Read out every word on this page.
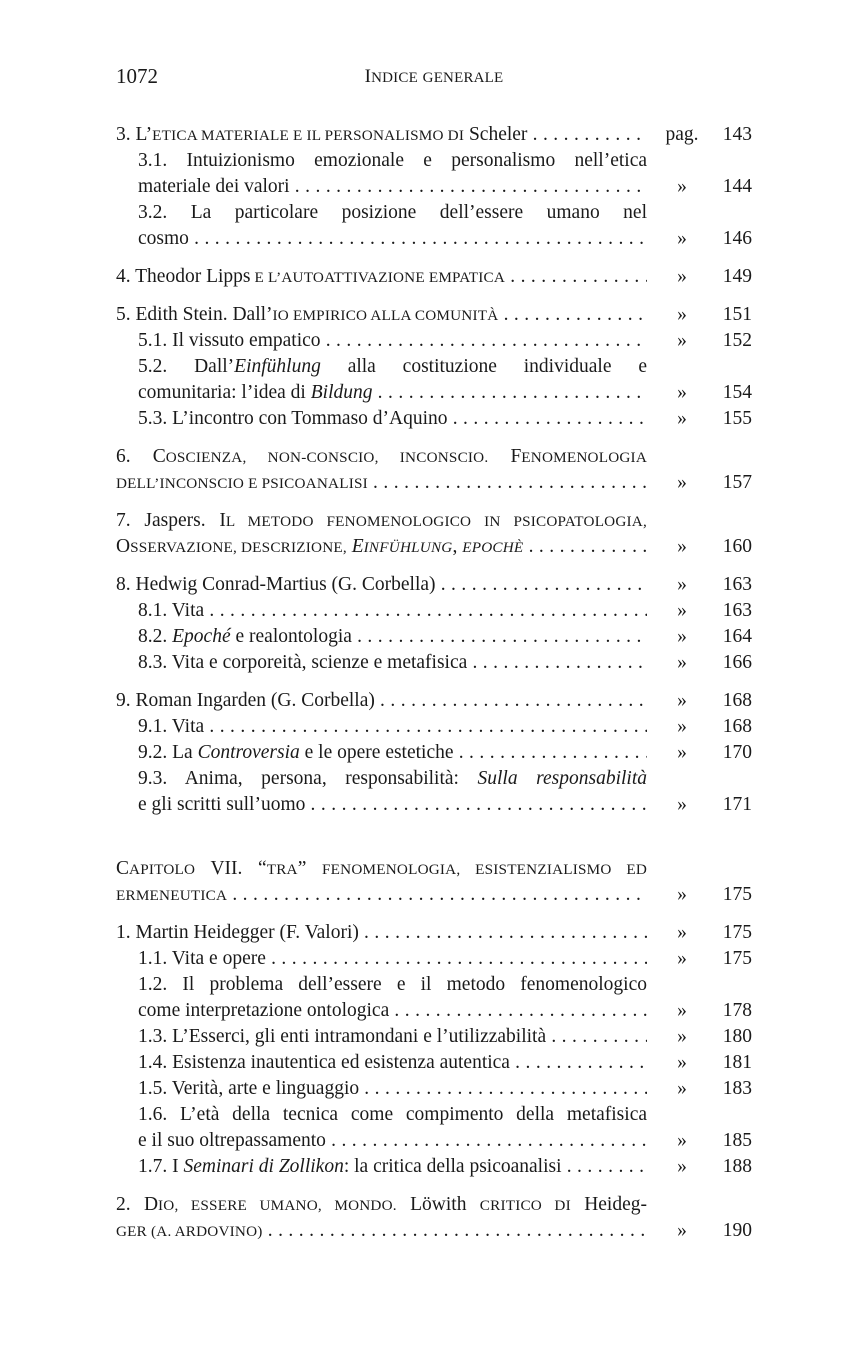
1072	INDICE GENERALE
3. L’ETICA MATERIALE E IL PERSONALISMO DI Scheler . . .	pag.	143
3.1. Intuizionismo emozionale e personalismo nell’etica
materiale dei valori . . .	»	144
3.2. La particolare posizione dell’essere umano nel
cosmo . . .	»	146
4. Theodor Lipps E L’AUTOATTIVAZIONE EMPATICA . . .	»	149
5. Edith Stein. Dall’IO EMPIRICO ALLA COMUNITÀ . . .	»	151
5.1. Il vissuto empatico . . .	»	152
5.2. Dall’Einfühlung alla costituzione individuale e
comunitaria: l’idea di Bildung . . .	»	154
5.3. L’incontro con Tommaso d’Aquino . . .	»	155
6. COSCIENZA, NON-CONSCIO, INCONSCIO. FENOMENOLOGIA
DELL’INCONSCIO E PSICOANALISI . . .	»	157
7. Jaspers. IL METODO FENOMENOLOGICO IN PSICOPATOLOGIA,
OSSERVAZIONE, DESCRIZIONE, EINFÜHLUNG, EPOCHÈ . . .	»	160
8. Hedwig Conrad-Martius (G. Corbella) . . .	»	163
8.1. Vita . . .	»	163
8.2. Epoché e realontologia . . .	»	164
8.3. Vita e corporeità, scienze e metafisica . . .	»	166
9. Roman Ingarden (G. Corbella) . . .	»	168
9.1. Vita . . .	»	168
9.2. La Controversia e le opere estetiche . . .	»	170
9.3. Anima, persona, responsabilità: Sulla responsabilità
e gli scritti sull’uomo . . .	»	171
CAPITOLO VII. “TRA” FENOMENOLOGIA, ESISTENZIALISMO ED
ERMENEUTICA . . .	»	175
1. Martin Heidegger (F. Valori) . . .	»	175
1.1. Vita e opere . . .	»	175
1.2. Il problema dell’essere e il metodo fenomenologico
come interpretazione ontologica . . .	»	178
1.3. L’Esserci, gli enti intramondani e l’utilizzabilità . . .	»	180
1.4. Esistenza inautentica ed esistenza autentica . . .	»	181
1.5. Verità, arte e linguaggio . . .	»	183
1.6. L’età della tecnica come compimento della metafisica
e il suo oltrepassamento . . .	»	185
1.7. I Seminari di Zollikon: la critica della psicoanalisi . . .	»	188
2. DIO, ESSERE UMANO, MONDO. Löwith CRITICO DI Heideg-
GER (A. ARDOVINO) . . .	»	190
